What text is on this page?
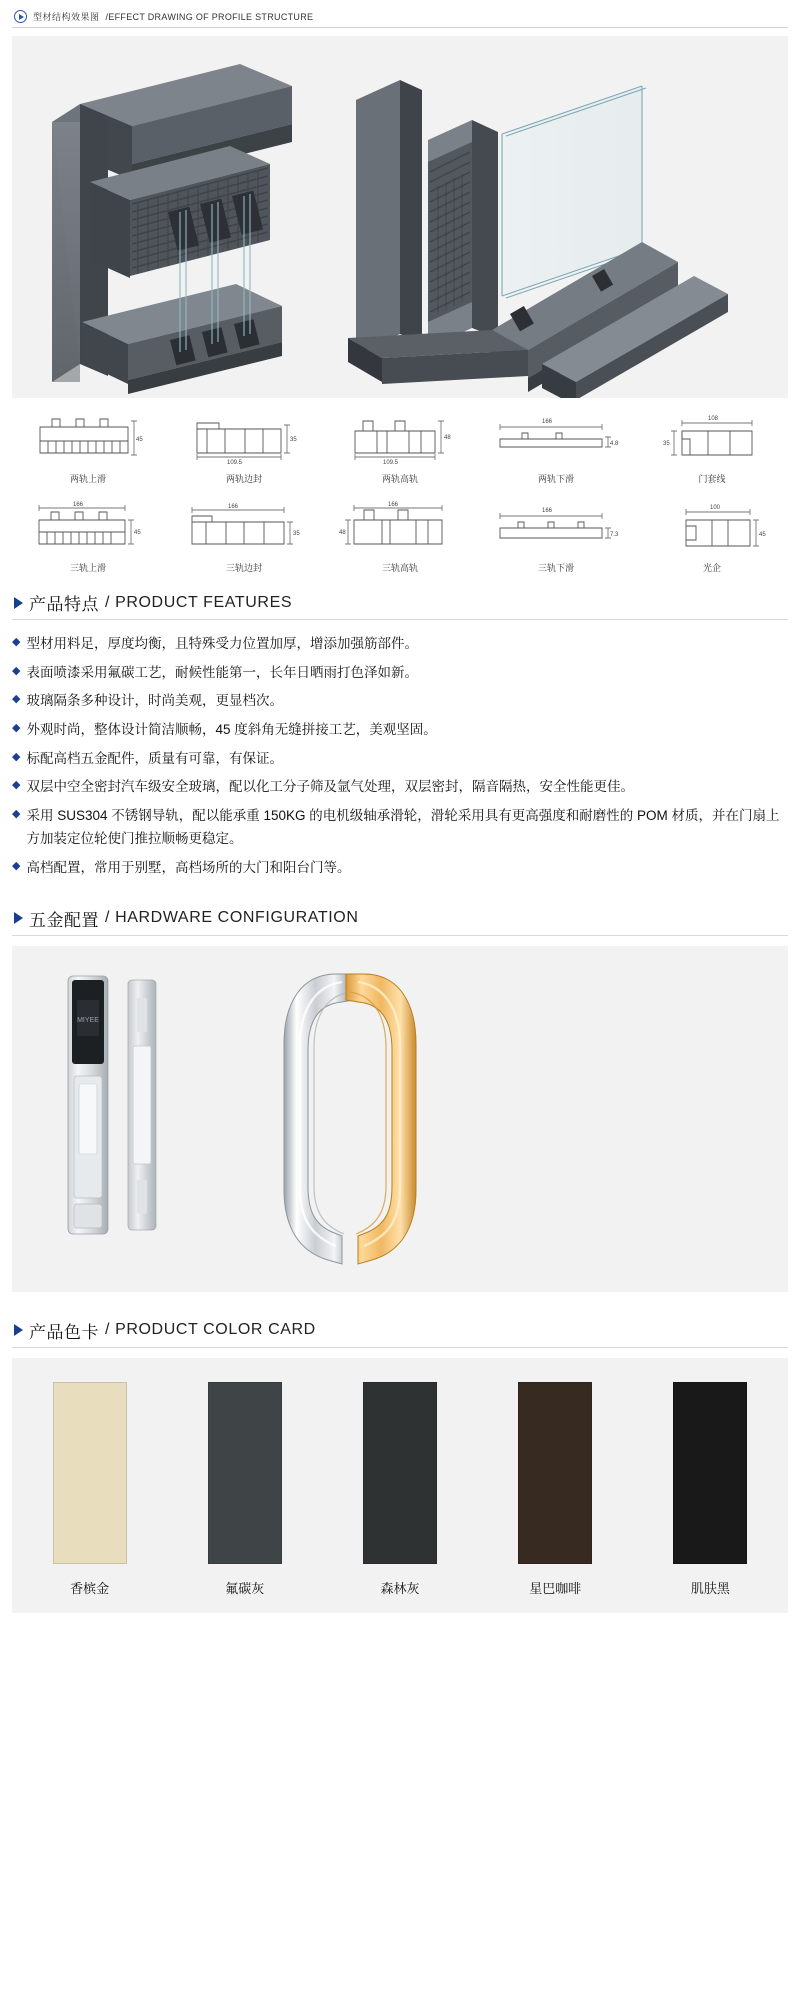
型材结构效果图 /EFFECT DRAWING OF PROFILE STRUCTURE
45
两轨上滑
109.5
35
两轨边封
109.5
48
两轨高轨
166
4.8
两轨下滑
108
35
门套线
166
45
三轨上滑
166
35
三轨边封
166
48
三轨高轨
166
7.3
三轨下滑
100
45
光企
产品特点 / PRODUCT FEATURES
◆ 型材用料足，厚度均衡，且特殊受力位置加厚，增添加强筋部件。
◆ 表面喷漆采用氟碳工艺，耐候性能第一，长年日晒雨打色泽如新。
◆ 玻璃隔条多种设计，时尚美观，更显档次。
◆ 外观时尚，整体设计简洁顺畅，45 度斜角无缝拼接工艺，美观坚固。
◆ 标配高档五金配件，质量有可靠，有保证。
◆ 双层中空全密封汽车级安全玻璃，配以化工分子筛及氩气处理，双层密封，隔音隔热，安全性能更佳。
◆ 采用 SUS304 不锈钢导轨，配以能承重 150KG 的电机级轴承滑轮，滑轮采用具有更高强度和耐磨性的 POM 材质，并在门扇上方加装定位轮使门推拉顺畅更稳定。
◆ 高档配置，常用于别墅，高档场所的大门和阳台门等。
五金配置 / HARDWARE CONFIGURATION
MIYEE
产品色卡 / PRODUCT COLOR CARD
香槟金	氟碳灰	森林灰	星巴咖啡	肌肤黑
